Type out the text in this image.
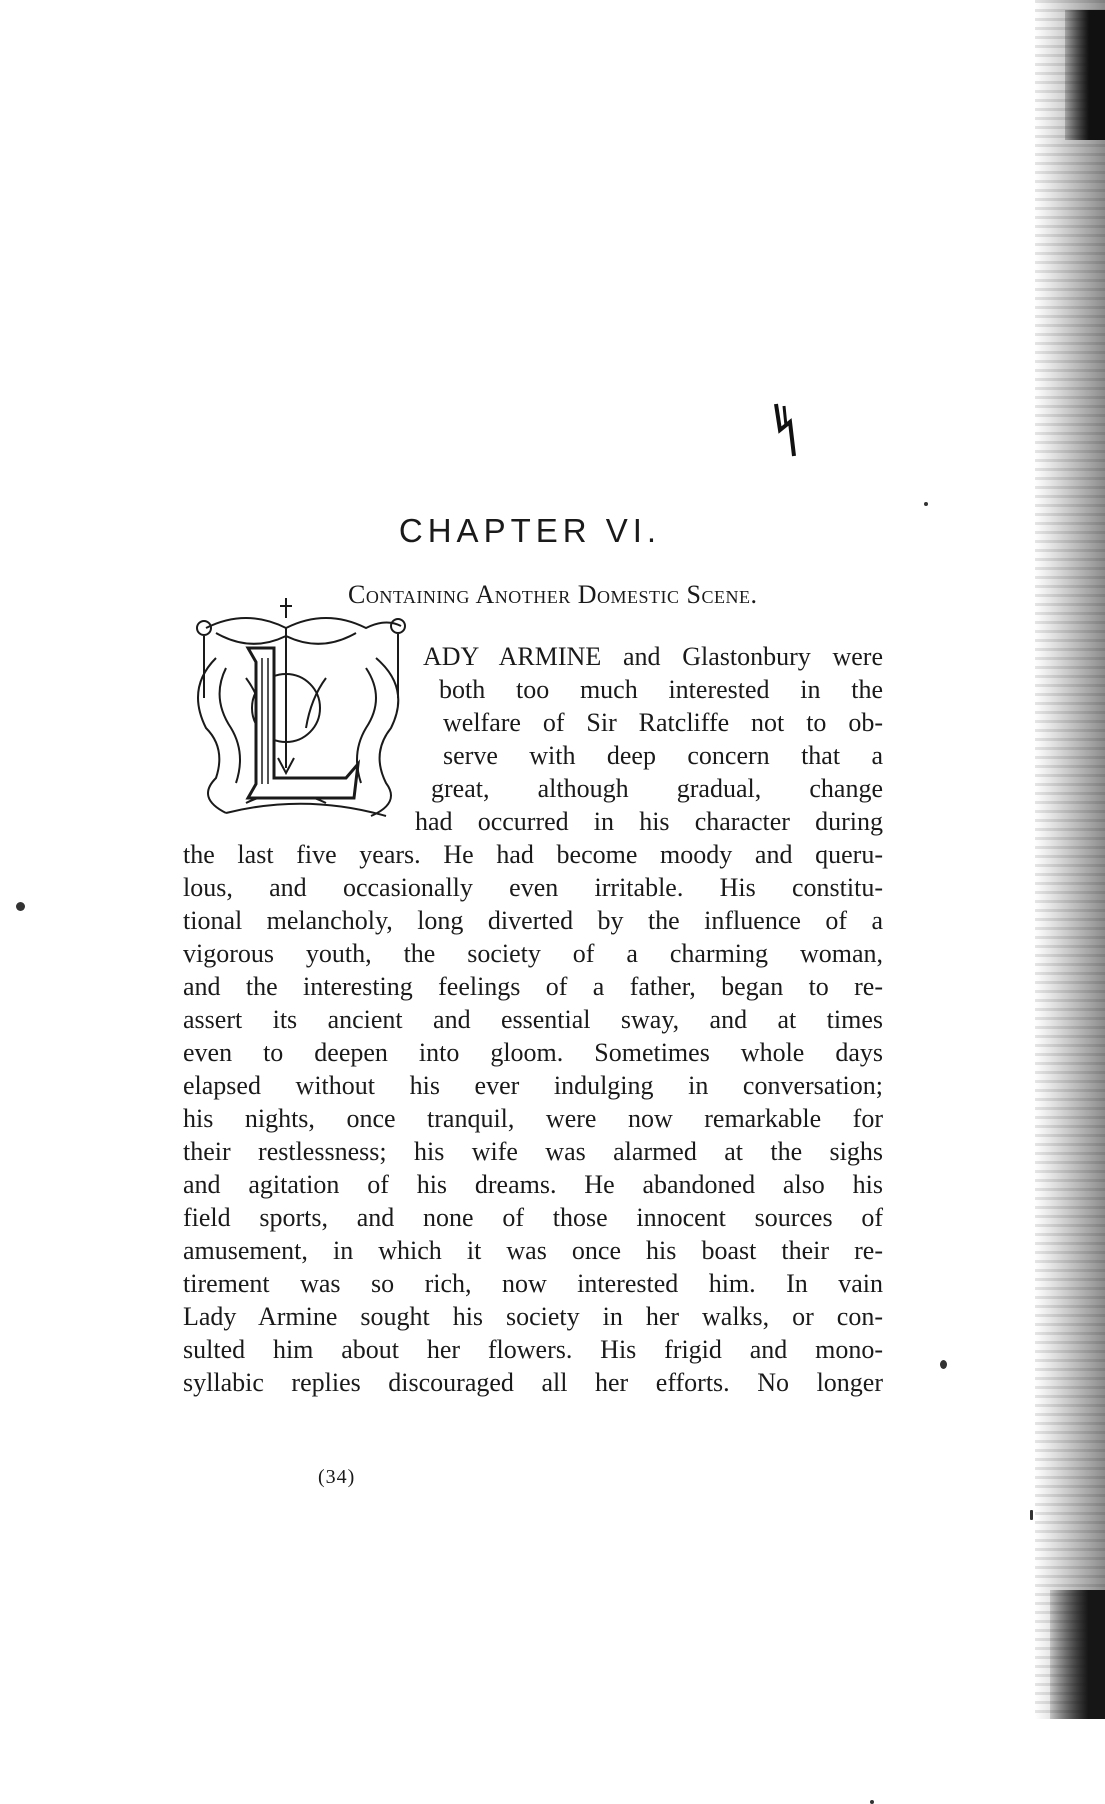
CHAPTER VI.
Containing Another Domestic Scene.
L
ADY ARMINE and Glastonbury were
both too much interested in the
welfare of Sir Ratcliffe not to ob-
serve with deep concern that a
great, although gradual, change
had occurred in his character during
the last five years. He had become moody and queru-
lous, and occasionally even irritable. His constitu-
tional melancholy, long diverted by the influence of a
vigorous youth, the society of a charming woman,
and the interesting feelings of a father, began to re-
assert its ancient and essential sway, and at times
even to deepen into gloom. Sometimes whole days
elapsed without his ever indulging in conversation;
his nights, once tranquil, were now remarkable for
their restlessness; his wife was alarmed at the sighs
and agitation of his dreams. He abandoned also his
field sports, and none of those innocent sources of
amusement, in which it was once his boast their re-
tirement was so rich, now interested him. In vain
Lady Armine sought his society in her walks, or con-
sulted him about her flowers. His frigid and mono-
syllabic replies discouraged all her efforts. No longer
(34)
